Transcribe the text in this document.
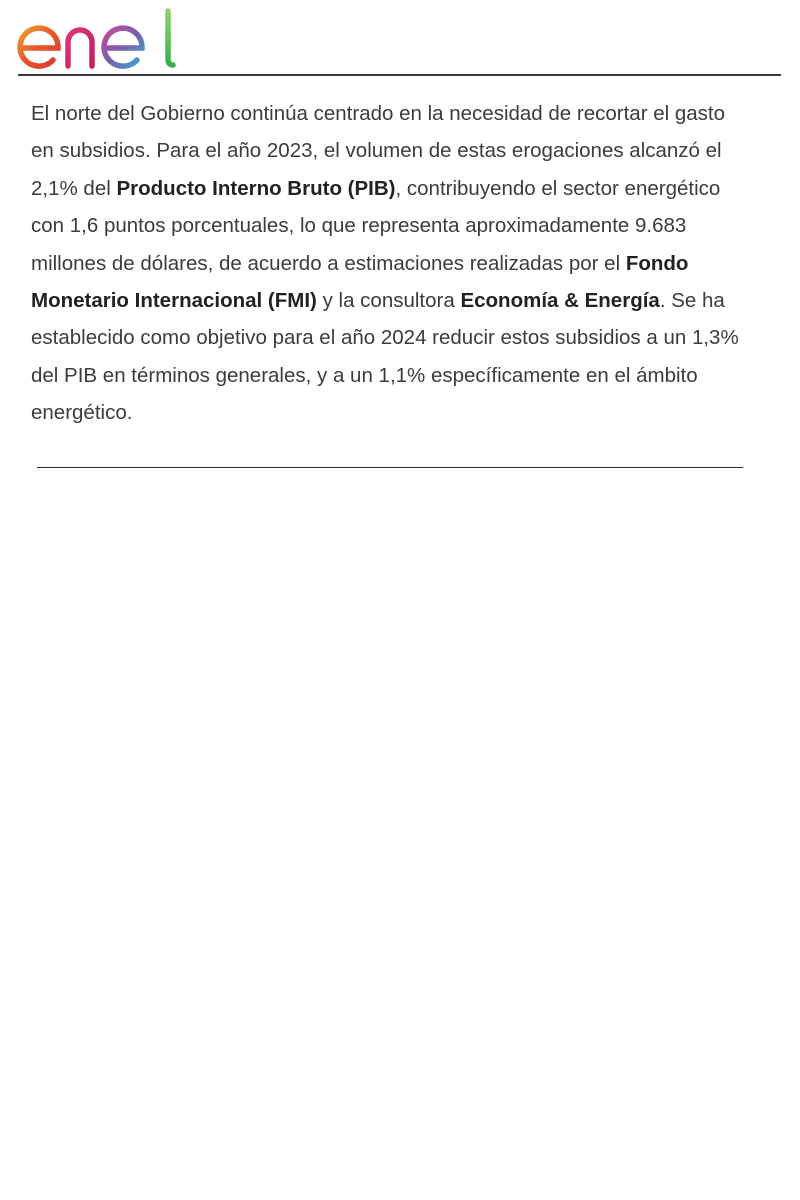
El norte del Gobierno continúa centrado en la necesidad de recortar el gasto en subsidios. Para el año 2023, el volumen de estas erogaciones alcanzó el 2,1% del Producto Interno Bruto (PIB), contribuyendo el sector energético con 1,6 puntos porcentuales, lo que representa aproximadamente 9.683 millones de dólares, de acuerdo a estimaciones realizadas por el Fondo Monetario Internacional (FMI) y la consultora Economía & Energía. Se ha establecido como objetivo para el año 2024 reducir estos subsidios a un 1,3% del PIB en términos generales, y a un 1,1% específicamente en el ámbito energético.
